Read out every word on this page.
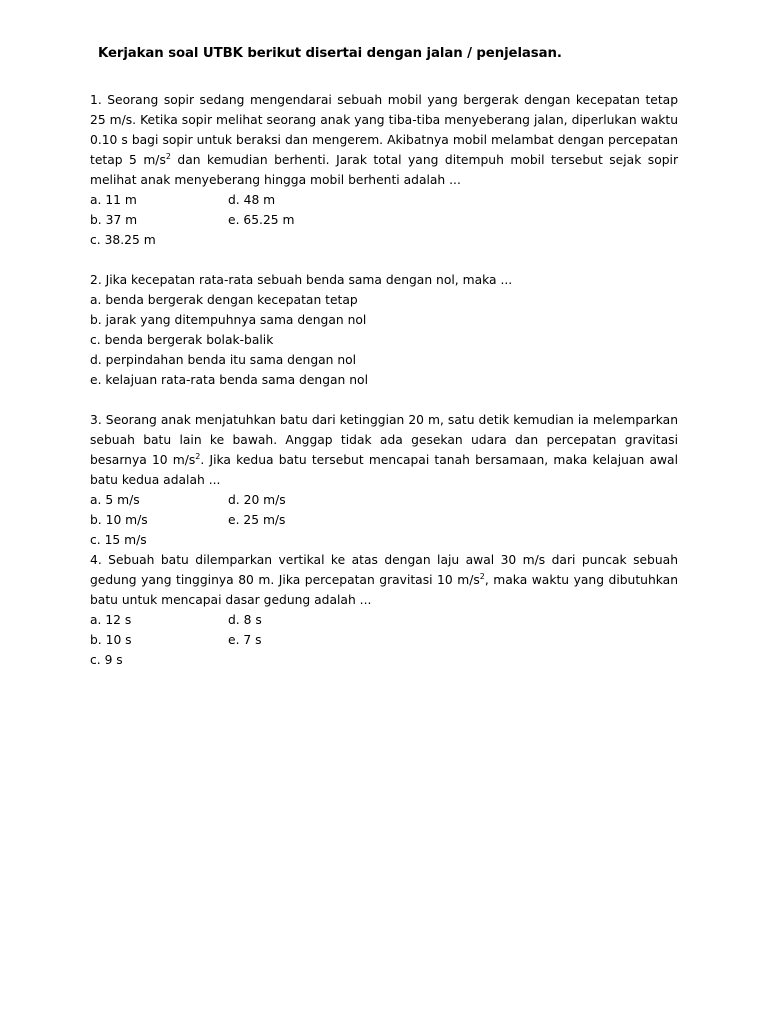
Kerjakan soal UTBK berikut disertai dengan jalan / penjelasan.

1. Seorang sopir sedang mengendarai sebuah mobil yang bergerak dengan kecepatan tetap 25 m/s. Ketika sopir melihat seorang anak yang tiba-tiba menyeberang jalan, diperlukan waktu 0.10 s bagi sopir untuk beraksi dan mengerem. Akibatnya mobil melambat dengan percepatan tetap 5 $m/s^2$ dan kemudian berhenti. Jarak total yang ditempuh mobil tersebut sejak sopir melihat anak menyeberang hingga mobil berhenti adalah ...

a. 11 m	d. 48 m
b. 37 m	e. 65.25 m
c. 38.25 m

2. Jika kecepatan rata-rata sebuah benda sama dengan nol, maka ...

a. benda bergerak dengan kecepatan tetap
b. jarak yang ditempuhnya sama dengan nol
c. benda bergerak bolak-balik
d. perpindahan benda itu sama dengan nol
e. kelajuan rata-rata benda sama dengan nol

3. Seorang anak menjatuhkan batu dari ketinggian 20 m, satu detik kemudian ia melemparkan sebuah batu lain ke bawah. Anggap tidak ada gesekan udara dan percepatan gravitasi besarnya 10 $m/s^2$. Jika kedua batu tersebut mencapai tanah bersamaan, maka kelajuan awal batu kedua adalah ...

a. 5 m/s	d. 20 m/s
b. 10 m/s	e. 25 m/s
c. 15 m/s

4. Sebuah batu dilemparkan vertikal ke atas dengan laju awal 30 m/s dari puncak sebuah gedung yang tingginya 80 m. Jika percepatan gravitasi 10 $m/s^2$, maka waktu yang dibutuhkan batu untuk mencapai dasar gedung adalah ...

a. 12 s	d. 8 s
b. 10 s	e. 7 s
c. 9 s
